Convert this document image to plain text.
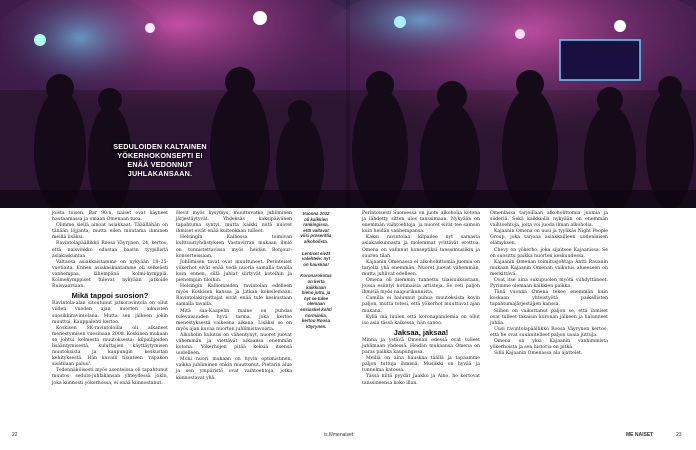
SEDULOIDEN KALTAINEN YÖKERHOKONSEPTI EI ENÄÄ VEDONNUT JUHLAKANSAAN.

joista toisen, Bar 90:n, naiset ovat käyneet hautaamassa ja omaan Omenaan tuoa.

Olimme siellä ainoat asiakkaat. Tääällähän on tänään löjjanta, mutta eilen muutama ihminen meillä lisäksi.

Ravintolapäällikkö Roosa Väyrynen, 24, kertoo, että naisvinkko edustaa baarin tyypillistä asiakaskuntaa.

Valtaosa asiakkaistamme on nykyään 18–25-vuotiaita. Ennen asiakaskuntamme oli selkeästi vanhempaa, lähempänä kolmi-kymppiä. Kolmekymppiset tulevat nykyään jatkoille Ruisvaarsaan.

Mikä tappoi suosion?

Ravintola-alan sitoutunut jatkoravintola on ollut viiden vuoden ajan nuorten aikuisten suosikkiravintolana. Mutta sen jälkeen jokin muuttui, Kauppalehti kertoo.

Koskisen SK-ravintoloilla oli alkaneet menestymisen vuosinaan 2008. Koskinen mukaan se johtui kolmesta muutoksesta: kilpailijoiden lisääntymisestä, kuluttajien käyttäytymisen muutoksista ja kaupungin keskustan kehityksestä. Hän kuvaili tilanteen 'rapakon sisätilaan paluu'.

Todennäköisesti myös asenteissa oli tapahtunut muutos: sedulo-juhlakansan yhteydessä jokin, joka kiinnosti yökerhossa, ei enää kiinnostanut.

Hevit myös kysymys, muuttuvatko juhliminen järjestäytyvät. Yhdeksäs kaksipäivänen tapahtuma syntyi, mutta kaikki niitä nuoret ihmiset eivät enää kuitenkaan tulleet.

Helsingin Kalliossa toimivan kulttuuriyhdistyksen Vastavirran mukaan ilmiö on tunnistettavissa myös heidän Bonjour-konserteissaan.

Juhlimisen tavat ovat muuttuneet. Perinteiset yökerhot eivät enää vedä nuoria samalla tavalla kuin ennen, sillä juhlat siirtyvät koteihin ja pienempiin tiloihin.

Helsingin Kalliomaiden ravintolan edelleen myös Koskisen kanssa ja jatkan kokeilemaan. Ravintolakirjoittajat eivät enää tule keskustaan samalla tavalla.

Mitä saa-Kaapelin maine on puhdas tulevaisuuden hyvä tarina, joka kertoo menestyksestä vaikeana aikana. Lisäksi se on myös ajan kuvaa nuorten juhlimistavoista.

Alkoholin kulutus on vähentynyt, nuoret juovat vähemmän ja viettävät aikaansa enemmän kotona. Yökerhojen pitää keksiä itsensä uudelleen.

Moni nuori mukaan on hyvin optimistinen, vaikka juhliminen onkin muuttunut. Pietarin alue ja sen ympäristö ovat vaihtoehtoja, jotka kiinnostavat yhä.

Vuonna 2022 oli kaikkien rankingissa, että valtavat viisi prosenttia alkoholista.

Lentiset eivät valehtele: nyt on hauskaa!

Koronarokotus on kerta kaikkiaan hieno juttu, ja nyt se tulee olemaan ensiaskel kohti normaalia, kertoo Roosa Väyrynen.

Perinteisesti Suomessa on juotu alkoholia kotona ja lähdetty sitten ulos tanssimaan. Nykyään on enemmän vaihtoehtoja, ja nuoret eivät tee samoin kuin heidän vanhempansa.

Kaksi ravintolaa kilpailee nyt samasta asiakaskunnasta ja molemmat yrittävät erottua. Omena on valinnut konseptiksi tanssimusiikin ja suuren tilan.

Kajaanin Omenassa ei alkoholiittomia juomia on tarjolla yhä enemmän. Nuoret juovat vähemmän, mutta juhlivat edelleen.

Omena oli aiemmin tunnettu tilaisuuksistaan, joissa esiintyi kotimaisia artisteja. Se veti paljon ihmisiä myös naapurikunnista.

Camilla ei halunnut puhua muutoksista kovin paljon, mutta totesi, että yökerhot muuttuvat ajan mukana.

Kyllä mä luulen että koronapandemia on ollut iso asia tässä kaikessa, hän sanoo.

Jaksaa, jaksaa!

Minna ja ystävä Omenan edessä ovat tulleet juhlimaan yhdessä. Heidän mukaansa Omena on paras paikka kaupungissa.

Meillä on aina hauskaa täällä ja tapaamme paljon tuttuja ihmisiä. Musiikki on hyvää ja tunnelma katossa.

Tässä niitä pyydät Jaakko ja Aino, he kertovat tanssineensa koko illan.

Omenlassa tarjoillaan alkoholittomia juomia ja siideriä. Sekä kaikkialla nykyään on enemmän vaihtoehtoja, joita voi juoda ilman alkoholia.

Kajaanin Omena on uusi ja tyylikäs Night People Group, joka tarjoaa asiakkailleen uudenlaisen elämyksen.

Chevy on yökerho, joka sijaitsee Kajaanissa. Se on suosittu paikka nuorten keskuudessa.

Kajaanin Omenan toimitusjohtaja Antti Rauanin mukaan Kajaanin Omenan vaikutus alueeseen on merkittävä.

Ovat itse aina sukupuolen myötä viihdyttäneet. Pyrimme olemaan kaikkien paikka.

Tänä vuonna Omena tekee enemmän kuin koskaan yhteistyötä paikallisten tapahtumajärjestäjien kanssa.

Siihen on vaikuttanut paljon se, että ihmiset ovat tulleet takaisin koronan jälkeen ja halunneet juhlia.

Uusi ravintolapäällikkö Roosa Väyrynen kertoo, että he ovat suunnitelleet paljon uusia juttuja.

Omena on yksi Kajaanin vanhimmista yökerhoista ja sen historia on pitkä.

Sillä Kajaanin Omenassa ala ajattelet.

22	is.fi/menaiset	ME NAISET	23
